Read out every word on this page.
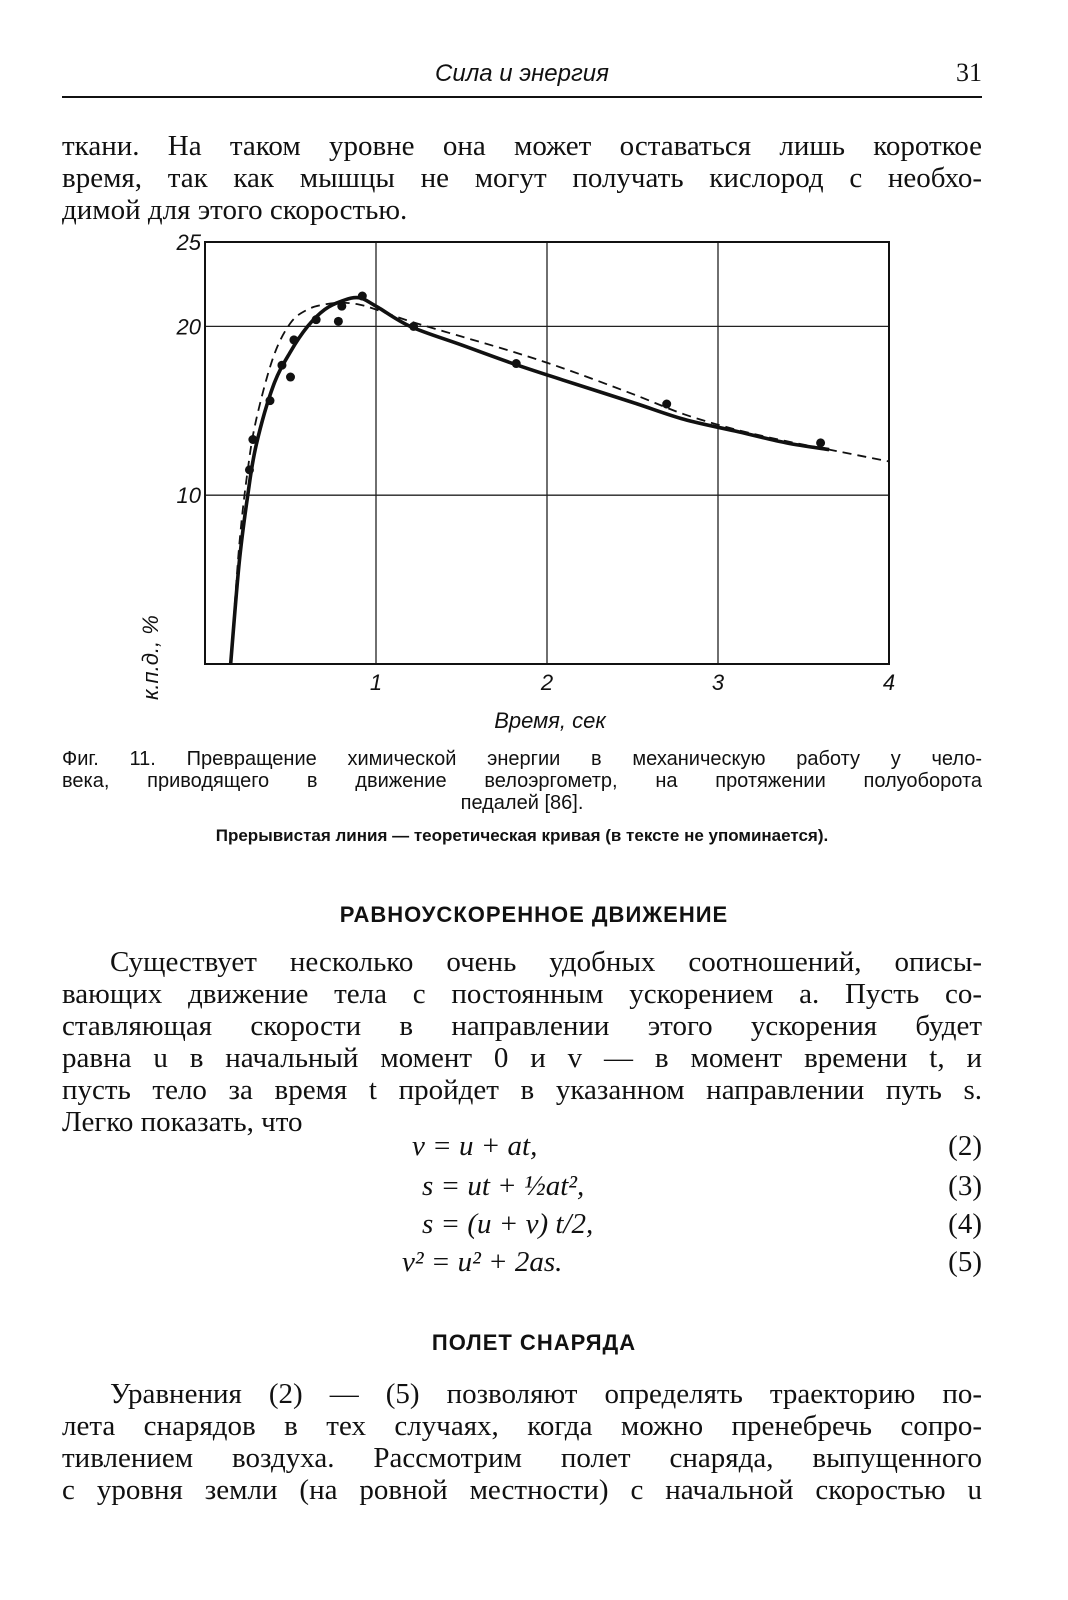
Сила и энергия	31
ткани. На таком уровне она может оставаться лишь короткое
время, так как мышцы не могут получать кислород с необхо-
димой для этого скоростью.
1	2	3	4
25
20
10
к.п.д., %
Время, сек
Фиг. 11. Превращение химической энергии в механическую работу у чело-
века, приводящего в движение велоэргометр, на протяжении полуоборота
педалей [86].
Прерывистая линия — теоретическая кривая (в тексте не упоминается).
РАВНОУСКОРЕННОЕ ДВИЖЕНИЕ
Существует несколько очень удобных соотношений, описы-
вающих движение тела с постоянным ускорением a. Пусть со-
ставляющая скорости в направлении этого ускорения будет
равна u в начальный момент 0 и v — в момент времени t, и
пусть тело за время t пройдет в указанном направлении путь s.
Легко показать, что
v = u + at,	(2)
s = ut + ½at²,	(3)
s = (u + v) t/2,	(4)
v² = u² + 2as.	(5)
ПОЛЕТ СНАРЯДА
Уравнения (2) — (5) позволяют определять траекторию по-
лета снарядов в тех случаях, когда можно пренебречь сопро-
тивлением воздуха. Рассмотрим полет снаряда, выпущенного
с уровня земли (на ровной местности) с начальной скоростью u
